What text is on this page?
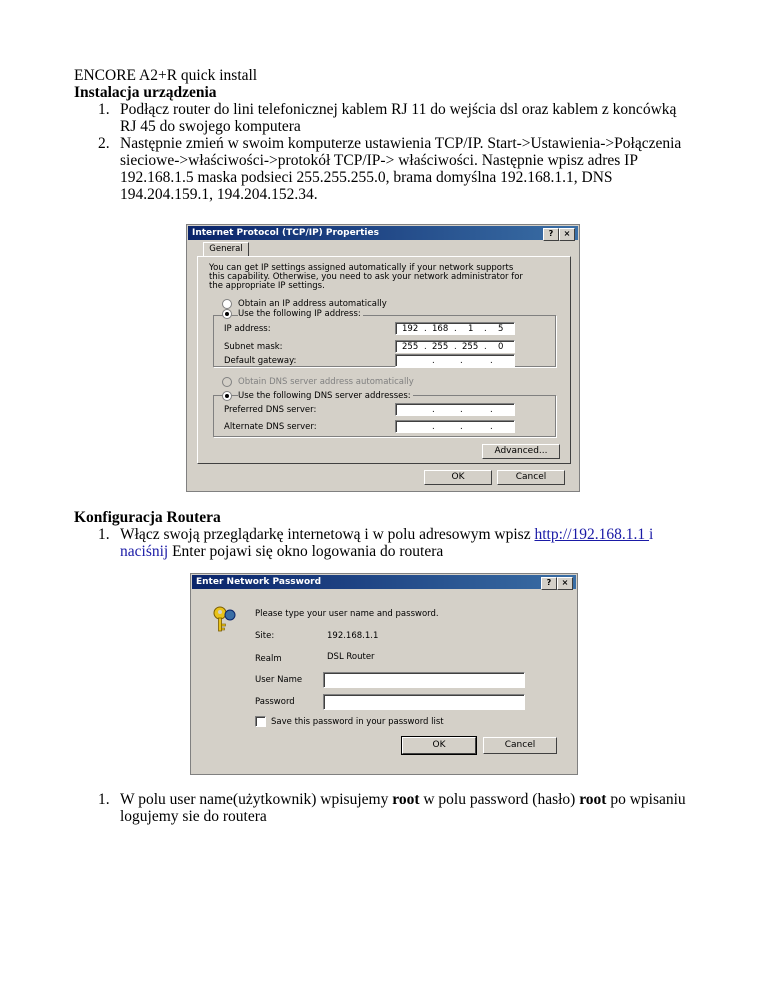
ENCORE A2+R quick install
Instalacja urządzenia
1. Podłącz router do lini telefonicznej kablem RJ 11 do wejścia dsl oraz kablem z koncówką
RJ 45 do swojego komputera
2. Następnie zmień w swoim komputerze ustawienia TCP/IP. Start->Ustawienia->Połączenia
sieciowe->właściwości->protokół TCP/IP-> właściwości. Następnie wpisz adres IP
192.168.1.5 maska podsieci 255.255.255.0, brama domyślna 192.168.1.1, DNS
194.204.159.1, 194.204.152.34.
Konfiguracja Routera
1. Włącz swoją przeglądarkę internetową i w polu adresowym wpisz http://192.168.1.1 i
naciśnij Enter pojawi się okno logowania do routera
1. W polu user name(użytkownik) wpisujemy root w polu password (hasło) root po wpisaniu
logujemy sie do routera
Internet Protocol (TCP/IP) Properties	?	×
General
You can get IP settings assigned automatically if your network supports
this capability. Otherwise, you need to ask your network administrator for
the appropriate IP settings.
Obtain an IP address automatically
Use the following IP address:
IP address:	192 . 168 . 1 . 5
Subnet mask:	255 . 255 . 255 . 0
Default gateway:	.	.	.
Obtain DNS server address automatically
Use the following DNS server addresses:
Preferred DNS server:	.	.	.
Alternate DNS server:	.	.	.
Advanced...
OK	Cancel
Enter Network Password	?	×
Please type your user name and password.
Site:	192.168.1.1
Realm	DSL Router
User Name
Password
Save this password in your password list
OK	Cancel
